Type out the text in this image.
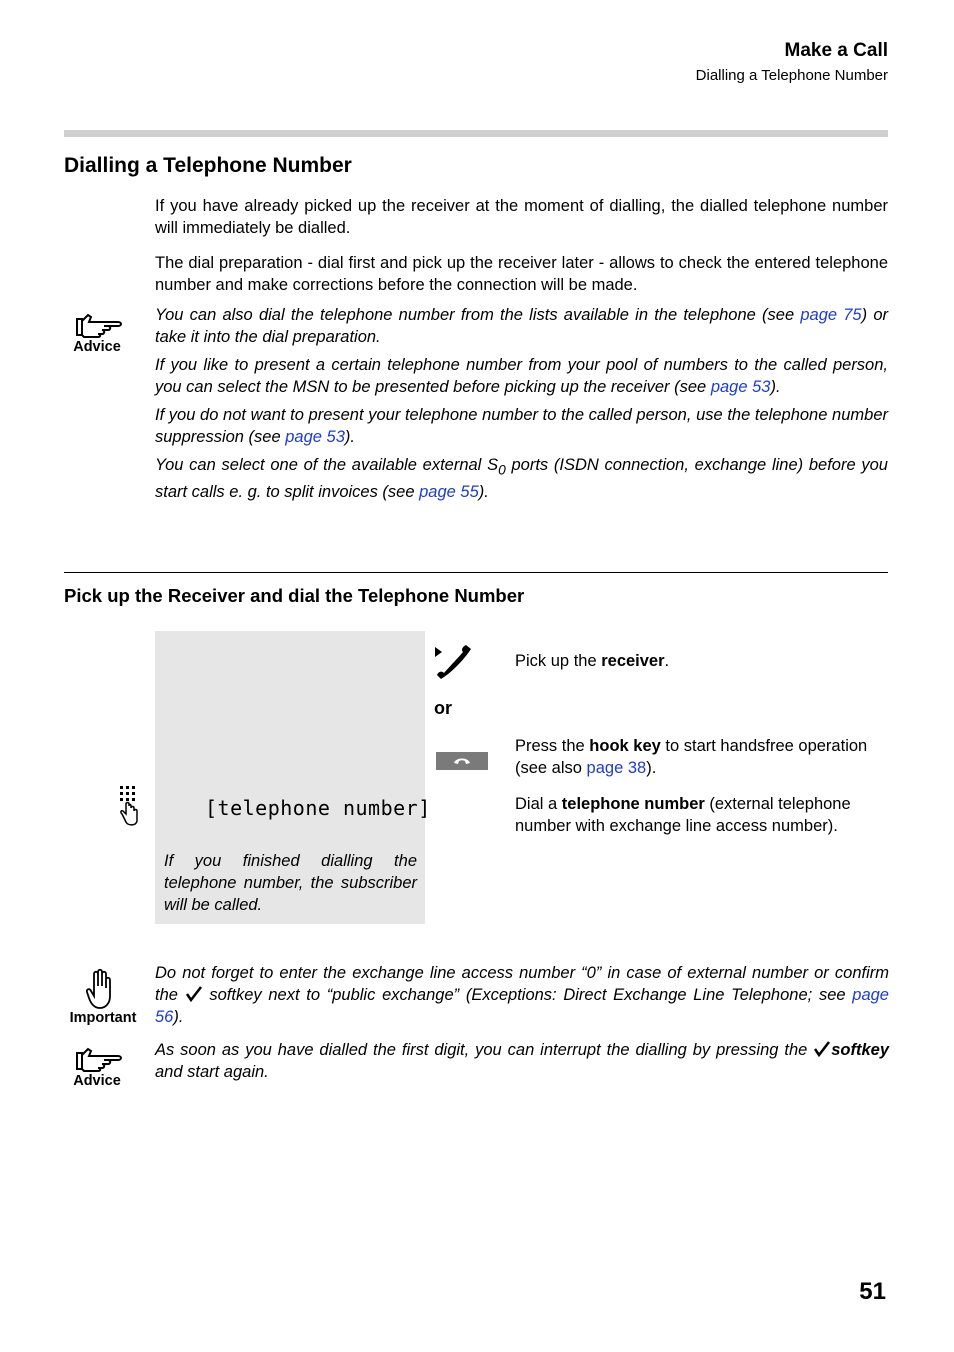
Make a Call
Dialling a Telephone Number
Dialling a Telephone Number
If you have already picked up the receiver at the moment of dialling, the dialled telephone number will immediately be dialled.
The dial preparation - dial first and pick up the receiver later - allows to check the entered telephone number and make corrections before the connection will be made.
Advice
You can also dial the telephone number from the lists available in the telephone (see page 75) or take it into the dial preparation.
If you like to present a certain telephone number from your pool of numbers to the called person, you can select the MSN to be presented before picking up the receiver (see page 53).
If you do not want to present your telephone number to the called person, use the telephone number suppression (see page 53).
You can select one of the available external $S_0$ ports (ISDN connection, exchange line) before you start calls e. g. to split invoices (see page 55).
Pick up the Receiver and dial the Telephone Number
[telephone number]
If you finished dialling the telephone number, the subscriber will be called.
Pick up the receiver.
or
Press the hook key to start handsfree operation (see also page 38).
Dial a telephone number (external telephone number with exchange line access number).
Important
Do not forget to enter the exchange line access number “0” in case of external number or confirm the  softkey next to “public exchange” (Exceptions: Direct Exchange Line Telephone; see page 56).
Advice
As soon as you have dialled the first digit, you can interrupt the dialling by pressing the softkey and start again.
51
